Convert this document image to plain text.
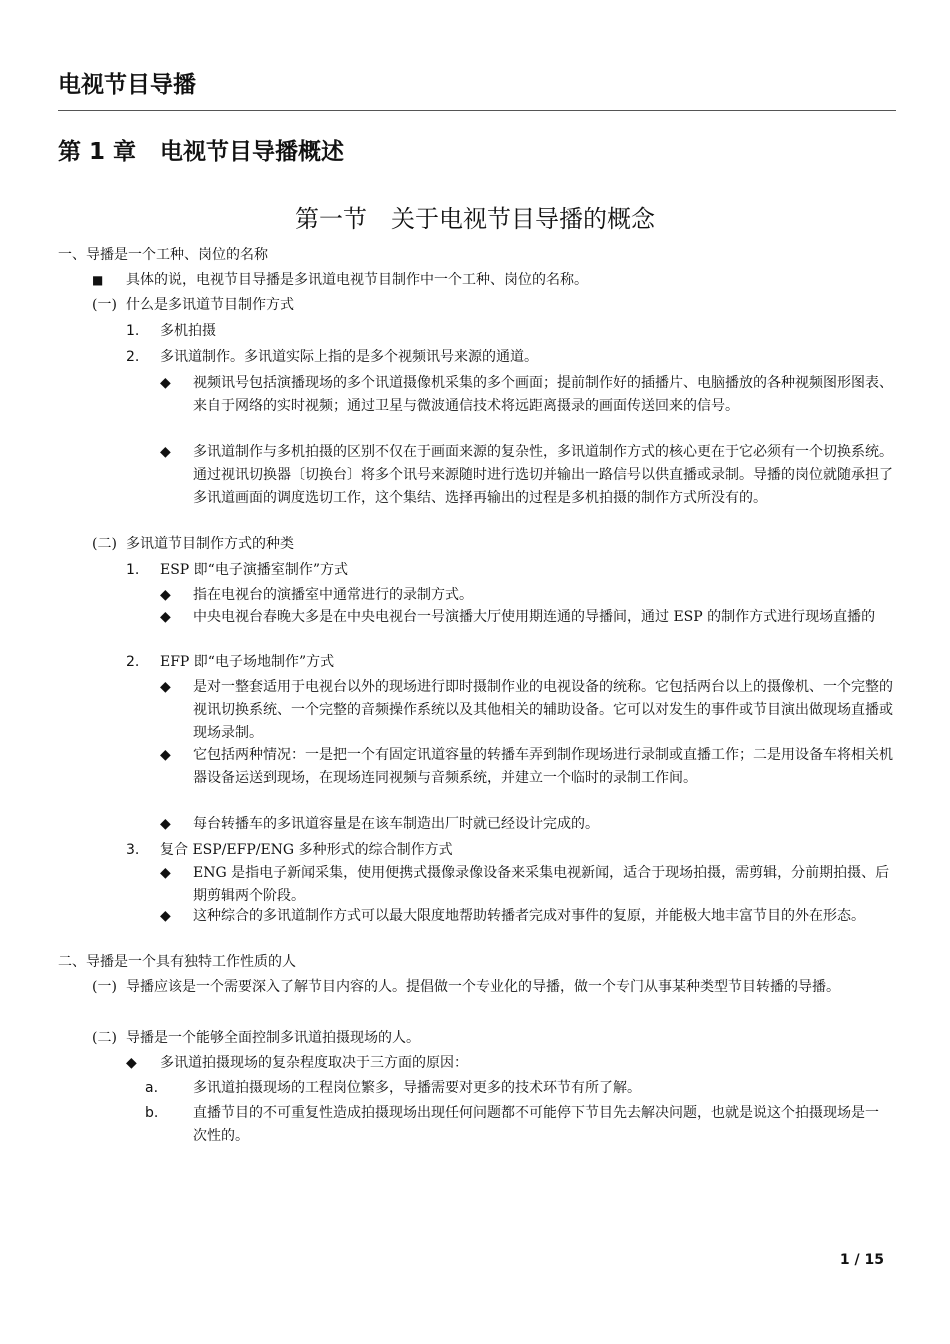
电视节目导播
第 1 章 电视节目导播概述
第一节 关于电视节目导播的概念
一、导播是一个工种、岗位的名称
■ 具体的说，电视节目导播是多讯道电视节目制作中一个工种、岗位的名称。
(一) 什么是多讯道节目制作方式
1. 多机拍摄
2. 多讯道制作。多讯道实际上指的是多个视频讯号来源的通道。
◆ 视频讯号包括演播现场的多个讯道摄像机采集的多个画面；提前制作好的插播片、电脑播放的各种视频图形图表、来自于网络的实时视频；通过卫星与微波通信技术将远距离摄录的画面传送回来的信号。
◆ 多讯道制作与多机拍摄的区别不仅在于画面来源的复杂性，多讯道制作方式的核心更在于它必须有一个切换系统。通过视讯切换器〔切换台〕将多个讯号来源随时进行选切并输出一路信号以供直播或录制。导播的岗位就随承担了多讯道画面的调度选切工作，这个集结、选择再输出的过程是多机拍摄的制作方式所没有的。
(二) 多讯道节目制作方式的种类
1. ESP 即“电子演播室制作”方式
◆ 指在电视台的演播室中通常进行的录制方式。
◆ 中央电视台春晚大多是在中央电视台一号演播大厅使用期连通的导播间，通过 ESP 的制作方式进行现场直播的
2. EFP 即“电子场地制作”方式
◆ 是对一整套适用于电视台以外的现场进行即时摄制作业的电视设备的统称。它包括两台以上的摄像机、一个完整的视讯切换系统、一个完整的音频操作系统以及其他相关的辅助设备。它可以对发生的事件或节目演出做现场直播或现场录制。
◆ 它包括两种情况：一是把一个有固定讯道容量的转播车弄到制作现场进行录制或直播工作；二是用设备车将相关机器设备运送到现场，在现场连同视频与音频系统，并建立一个临时的录制工作间。
◆ 每台转播车的多讯道容量是在该车制造出厂时就已经设计完成的。
3. 复合 ESP/EFP/ENG 多种形式的综合制作方式
◆ ENG 是指电子新闻采集，使用便携式摄像录像设备来采集电视新闻，适合于现场拍摄，需剪辑，分前期拍摄、后期剪辑两个阶段。
◆ 这种综合的多讯道制作方式可以最大限度地帮助转播者完成对事件的复原，并能极大地丰富节目的外在形态。
二、导播是一个具有独特工作性质的人
(一) 导播应该是一个需要深入了解节目内容的人。提倡做一个专业化的导播，做一个专门从事某种类型节目转播的导播。
(二) 导播是一个能够全面控制多讯道拍摄现场的人。
◆ 多讯道拍摄现场的复杂程度取决于三方面的原因：
a. 多讯道拍摄现场的工程岗位繁多，导播需要对更多的技术环节有所了解。
b. 直播节目的不可重复性造成拍摄现场出现任何问题都不可能停下节目先去解决问题，也就是说这个拍摄现场是一次性的。
1 / 15
